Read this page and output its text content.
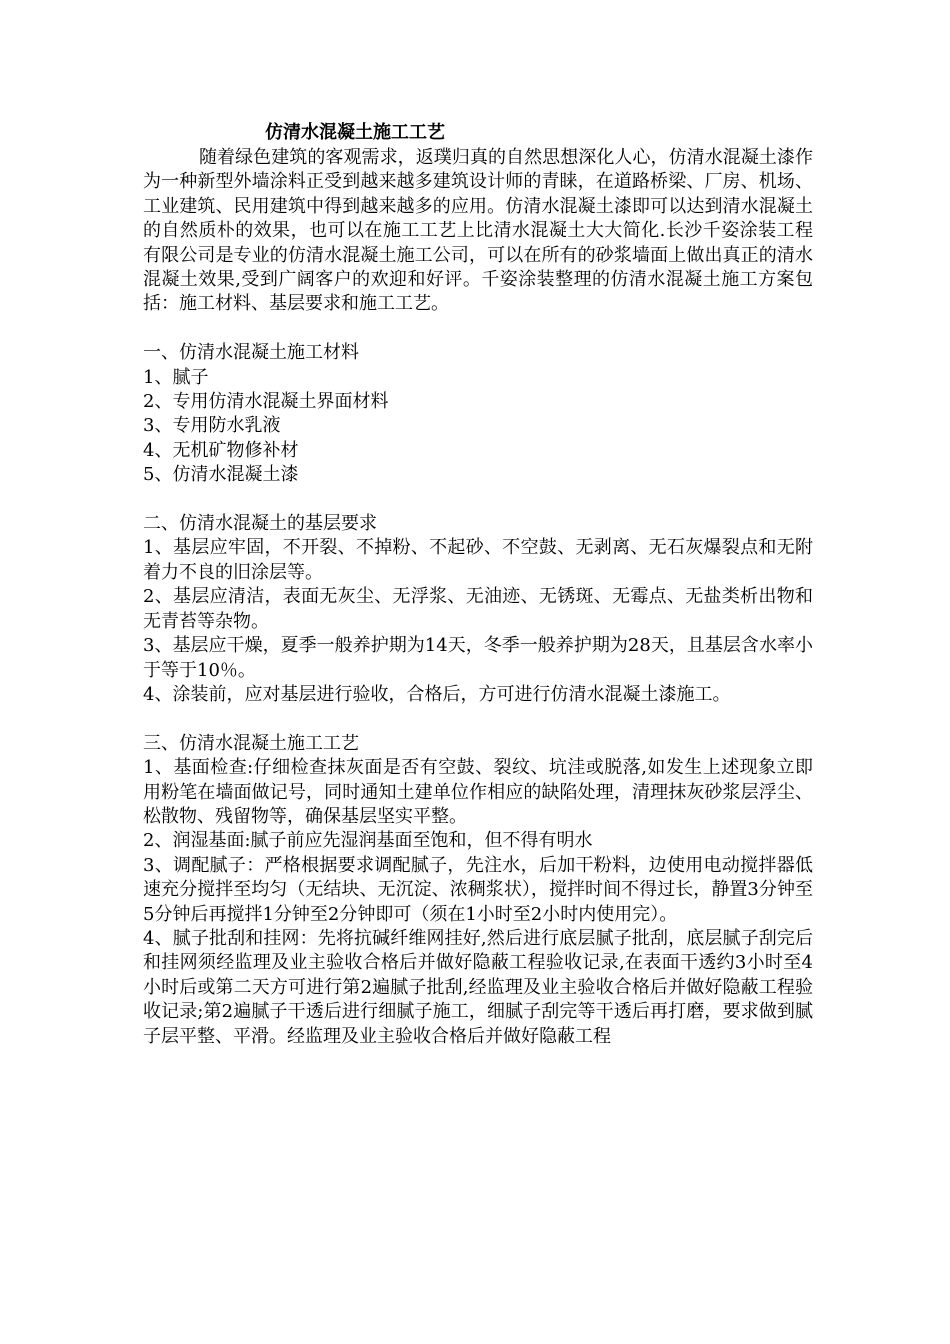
仿清水混凝土施工工艺

随着绿色建筑的客观需求，返璞归真的自然思想深化人心，仿清水混凝土漆作为一种新型外墙涂料正受到越来越多建筑设计师的青睐，在道路桥梁、厂房、机场、工业建筑、民用建筑中得到越来越多的应用。仿清水混凝土漆即可以达到清水混凝土的自然质朴的效果，也可以在施工工艺上比清水混凝土大大简化.长沙千姿涂装工程有限公司是专业的仿清水混凝土施工公司，可以在所有的砂浆墙面上做出真正的清水混凝土效果,受到广阔客户的欢迎和好评。千姿涂装整理的仿清水混凝土施工方案包括：施工材料、基层要求和施工工艺。

一、仿清水混凝土施工材料

1、腻子
2、专用仿清水混凝土界面材料
3、专用防水乳液
4、无机矿物修补材
5、仿清水混凝土漆

二、仿清水混凝土的基层要求

1、基层应牢固，不开裂、不掉粉、不起砂、不空鼓、无剥离、无石灰爆裂点和无附着力不良的旧涂层等。
2、基层应清洁，表面无灰尘、无浮浆、无油迹、无锈斑、无霉点、无盐类析出物和无青苔等杂物。
3、基层应干燥，夏季一般养护期为14天，冬季一般养护期为28天，且基层含水率小于等于10％。
4、涂装前，应对基层进行验收，合格后，方可进行仿清水混凝土漆施工。

三、仿清水混凝土施工工艺

1、基面检查:仔细检查抹灰面是否有空鼓、裂纹、坑洼或脱落,如发生上述现象立即用粉笔在墙面做记号，同时通知土建单位作相应的缺陷处理，清理抹灰砂浆层浮尘、松散物、残留物等，确保基层坚实平整。
2、润湿基面:腻子前应先湿润基面至饱和，但不得有明水
3、调配腻子：严格根据要求调配腻子，先注水，后加干粉料，边使用电动搅拌器低速充分搅拌至均匀（无结块、无沉淀、浓稠浆状），搅拌时间不得过长，静置3分钟至5分钟后再搅拌1分钟至2分钟即可（须在1小时至2小时内使用完）。
4、腻子批刮和挂网：先将抗碱纤维网挂好,然后进行底层腻子批刮，底层腻子刮完后和挂网须经监理及业主验收合格后并做好隐蔽工程验收记录,在表面干透约3小时至4小时后或第二天方可进行第2遍腻子批刮,经监理及业主验收合格后并做好隐蔽工程验收记录;第2遍腻子干透后进行细腻子施工，细腻子刮完等干透后再打磨，要求做到腻子层平整、平滑。经监理及业主验收合格后并做好隐蔽工程
